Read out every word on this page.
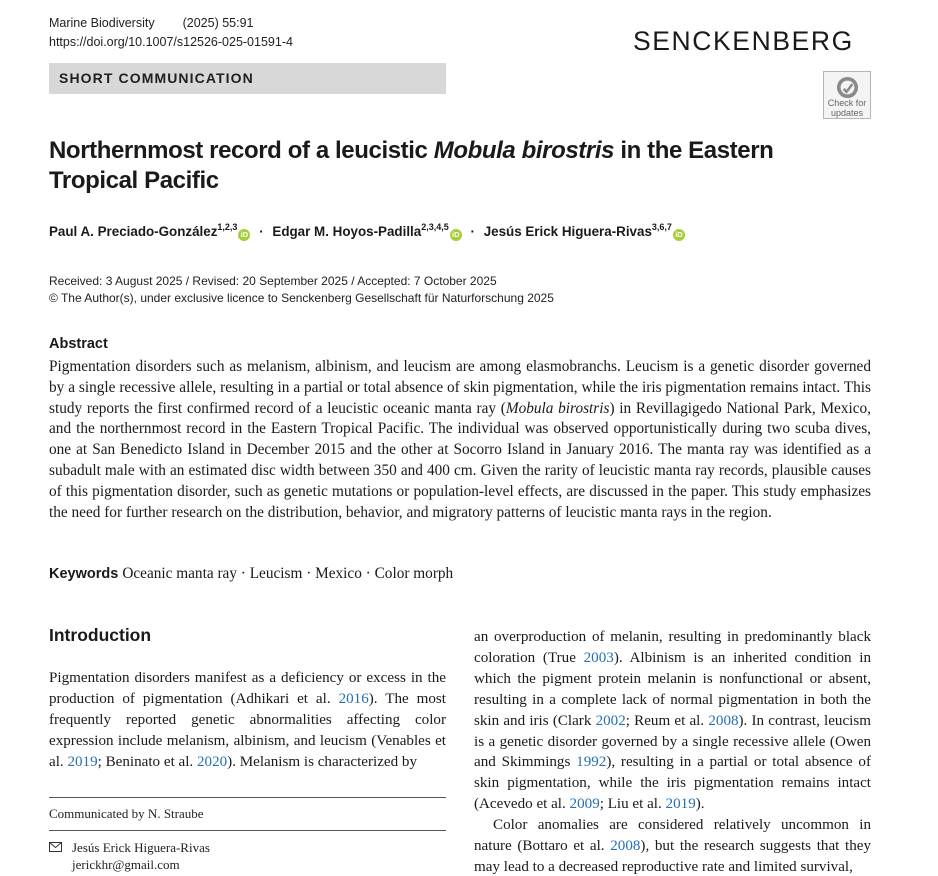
Marine Biodiversity (2025) 55:91
https://doi.org/10.1007/s12526-025-01591-4	SENCKENBERG
SHORT COMMUNICATION
Check for
updates
Northernmost record of a leucistic Mobula birostris in the Eastern Tropical Pacific
Paul A. Preciado-González$^{1,2,3}$iD · Edgar M. Hoyos-Padilla$^{2,3,4,5}$iD · Jesús Erick Higuera-Rivas$^{3,6,7}$iD
Received: 3 August 2025 / Revised: 20 September 2025 / Accepted: 7 October 2025
© The Author(s), under exclusive licence to Senckenberg Gesellschaft für Naturforschung 2025
Abstract
Pigmentation disorders such as melanism, albinism, and leucism are among elasmobranchs. Leucism is a genetic disorder governed by a single recessive allele, resulting in a partial or total absence of skin pigmentation, while the iris pigmentation remains intact. This study reports the first confirmed record of a leucistic oceanic manta ray (Mobula birostris) in Revillagigedo National Park, Mexico, and the northernmost record in the Eastern Tropical Pacific. The individual was observed opportunistically during two scuba dives, one at San Benedicto Island in December 2015 and the other at Socorro Island in January 2016. The manta ray was identified as a subadult male with an estimated disc width between 350 and 400 cm. Given the rarity of leucistic manta ray records, plausible causes of this pigmentation disorder, such as genetic mutations or population-level effects, are discussed in the paper. This study emphasizes the need for further research on the distribution, behavior, and migratory patterns of leucistic manta rays in the region.
Keywords Oceanic manta ray · Leucism · Mexico · Color morph
Introduction
Pigmentation disorders manifest as a deficiency or excess in the production of pigmentation (Adhikari et al. 2016). The most frequently reported genetic abnormalities affecting color expression include melanism, albinism, and leucism (Venables et al. 2019; Beninato et al. 2020). Melanism is characterized by
an overproduction of melanin, resulting in predominantly black coloration (True 2003). Albinism is an inherited condition in which the pigment protein melanin is nonfunctional or absent, resulting in a complete lack of normal pigmentation in both the skin and iris (Clark 2002; Reum et al. 2008). In contrast, leucism is a genetic disorder governed by a single recessive allele (Owen and Skimmings 1992), resulting in a partial or total absence of skin pigmentation, while the iris pigmentation remains intact (Acevedo et al. 2009; Liu et al. 2019).
Color anomalies are considered relatively uncommon in nature (Bottaro et al. 2008), but the research suggests that they may lead to a decreased reproductive rate and limited survival,
Communicated by N. Straube
Jesús Erick Higuera-Rivas
jerickhr@gmail.com
